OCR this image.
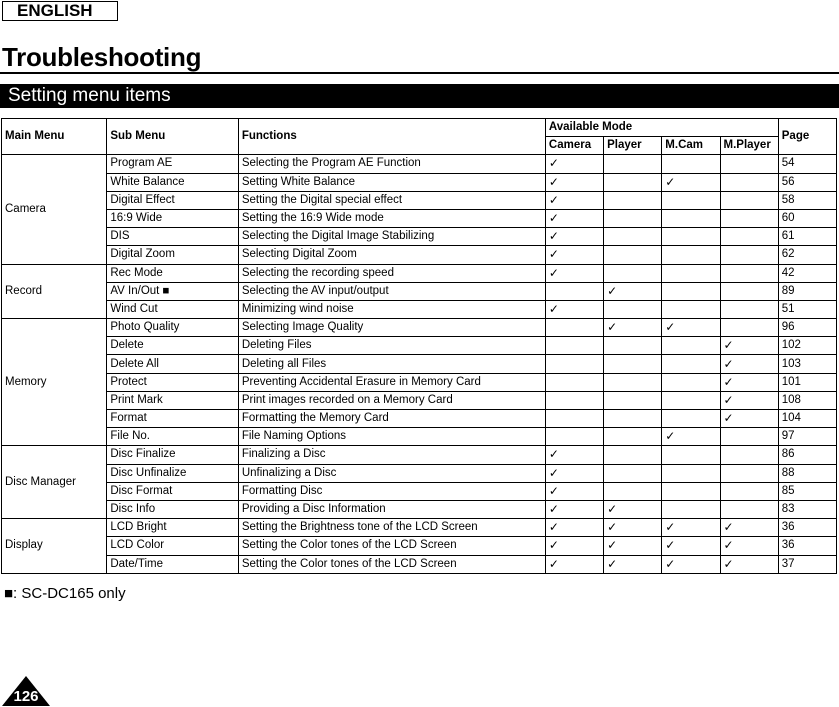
ENGLISH
Troubleshooting
Setting menu items
Main Menu	Sub Menu	Functions	Available Mode				Page
			Camera	Player	M.Cam	M.Player	
Camera	Program AE	Selecting the Program AE Function	✓				54
	White Balance	Setting White Balance	✓		✓		56
	Digital Effect	Setting the Digital special effect	✓				58
	16:9 Wide	Setting the 16:9 Wide mode	✓				60
	DIS	Selecting the Digital Image Stabilizing	✓				61
	Digital Zoom	Selecting Digital Zoom	✓				62
Record	Rec Mode	Selecting the recording speed	✓				42
	AV In/Out ■	Selecting the AV input/output		✓			89
	Wind Cut	Minimizing wind noise	✓				51
Memory	Photo Quality	Selecting Image Quality		✓	✓		96
	Delete	Deleting Files				✓	102
	Delete All	Deleting all Files				✓	103
	Protect	Preventing Accidental Erasure in Memory Card				✓	101
	Print Mark	Print images recorded on a Memory Card				✓	108
	Format	Formatting the Memory Card				✓	104
	File No.	File Naming Options			✓		97
Disc Manager	Disc Finalize	Finalizing a Disc	✓				86
	Disc Unfinalize	Unfinalizing a Disc	✓				88
	Disc Format	Formatting Disc	✓				85
	Disc Info	Providing a Disc Information	✓	✓			83
Display	LCD Bright	Setting the Brightness tone of the LCD Screen	✓	✓	✓	✓	36
	LCD Color	Setting the Color tones of the LCD Screen	✓	✓	✓	✓	36
	Date/Time	Setting the Color tones of the LCD Screen	✓	✓	✓	✓	37
■: SC-DC165 only
126
